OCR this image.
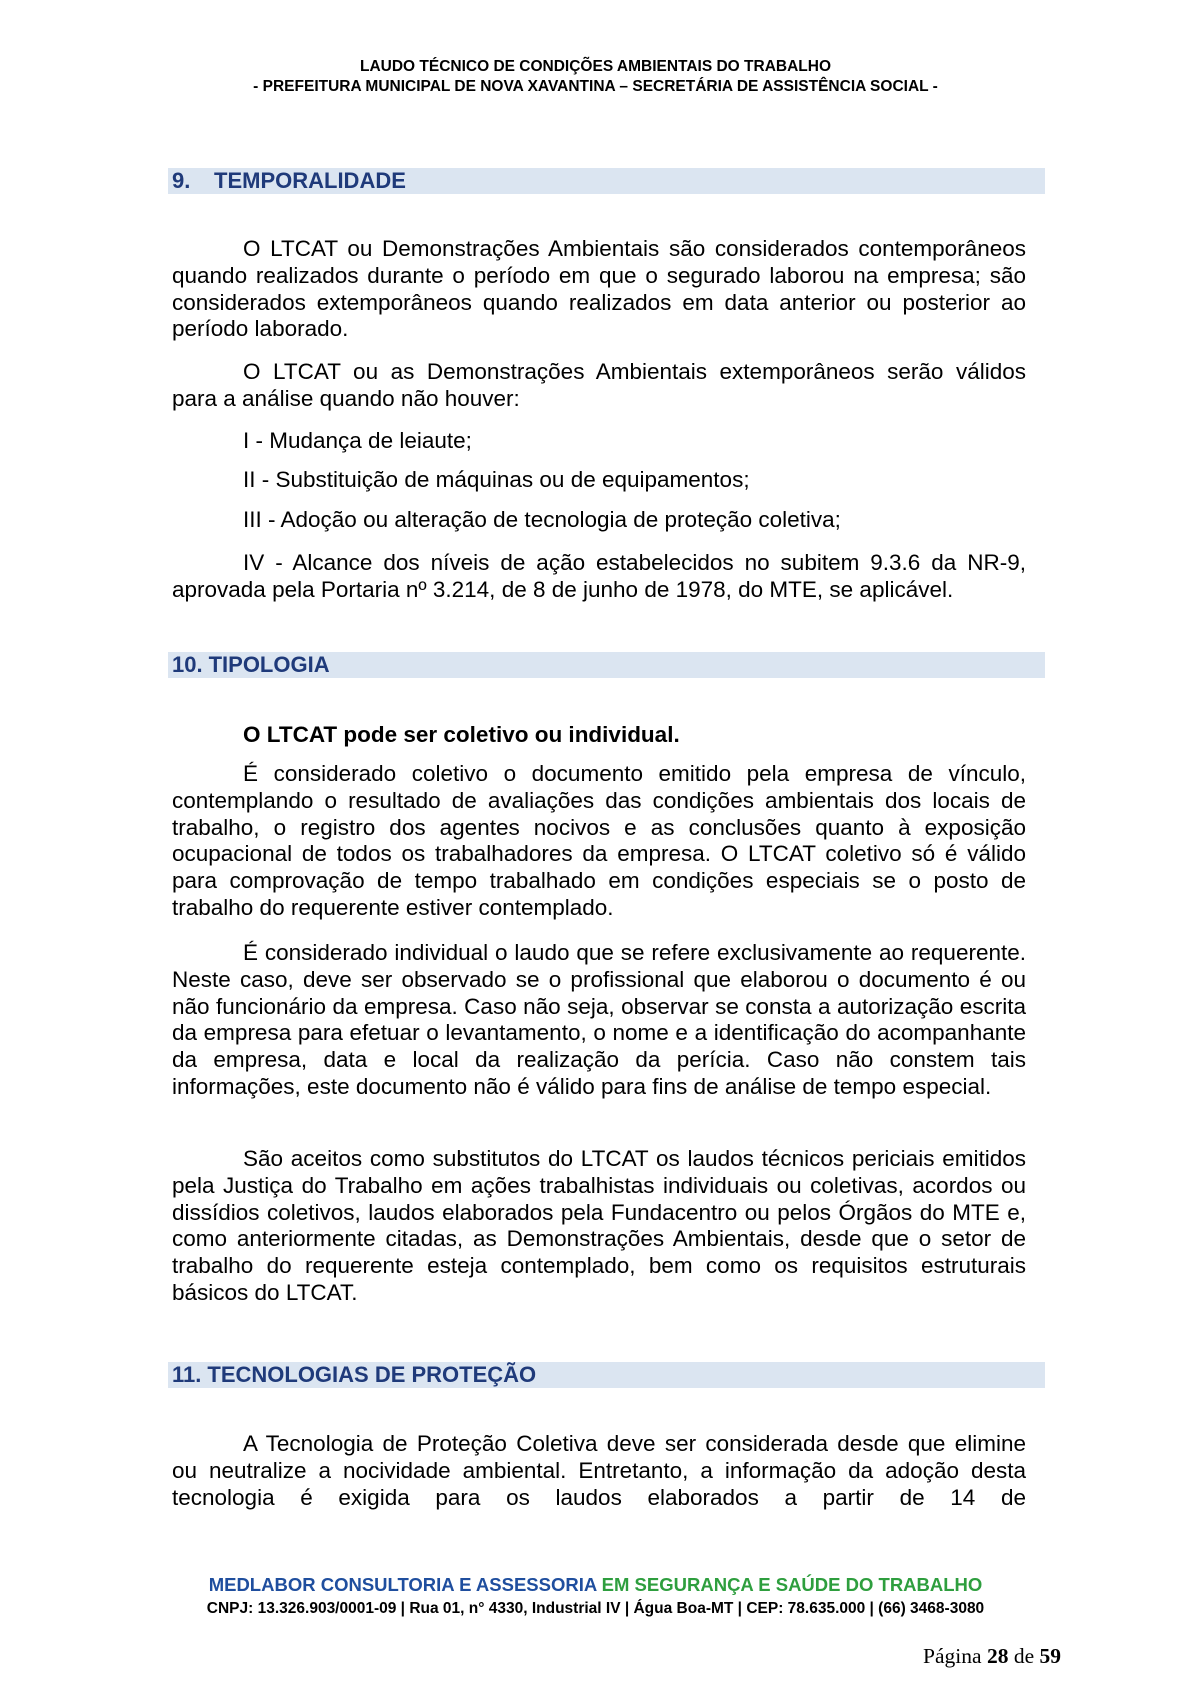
LAUDO TÉCNICO DE CONDIÇÕES AMBIENTAIS DO TRABALHO
- PREFEITURA MUNICIPAL DE NOVA XAVANTINA – SECRETÁRIA DE ASSISTÊNCIA SOCIAL -
9. TEMPORALIDADE

O LTCAT ou Demonstrações Ambientais são considerados contemporâneos quando realizados durante o período em que o segurado laborou na empresa; são considerados extemporâneos quando realizados em data anterior ou posterior ao período laborado.

O LTCAT ou as Demonstrações Ambientais extemporâneos serão válidos para a análise quando não houver:

I - Mudança de leiaute;

II - Substituição de máquinas ou de equipamentos;

III - Adoção ou alteração de tecnologia de proteção coletiva;

IV - Alcance dos níveis de ação estabelecidos no subitem 9.3.6 da NR-9, aprovada pela Portaria nº 3.214, de 8 de junho de 1978, do MTE, se aplicável.

10. TIPOLOGIA

O LTCAT pode ser coletivo ou individual.

É considerado coletivo o documento emitido pela empresa de vínculo, contemplando o resultado de avaliações das condições ambientais dos locais de trabalho, o registro dos agentes nocivos e as conclusões quanto à exposição ocupacional de todos os trabalhadores da empresa. O LTCAT coletivo só é válido para comprovação de tempo trabalhado em condições especiais se o posto de trabalho do requerente estiver contemplado.

É considerado individual o laudo que se refere exclusivamente ao requerente. Neste caso, deve ser observado se o profissional que elaborou o documento é ou não funcionário da empresa. Caso não seja, observar se consta a autorização escrita da empresa para efetuar o levantamento, o nome e a identificação do acompanhante da empresa, data e local da realização da perícia. Caso não constem tais informações, este documento não é válido para fins de análise de tempo especial.

São aceitos como substitutos do LTCAT os laudos técnicos periciais emitidos pela Justiça do Trabalho em ações trabalhistas individuais ou coletivas, acordos ou dissídios coletivos, laudos elaborados pela Fundacentro ou pelos Órgãos do MTE e, como anteriormente citadas, as Demonstrações Ambientais, desde que o setor de trabalho do requerente esteja contemplado, bem como os requisitos estruturais básicos do LTCAT.

11. TECNOLOGIAS DE PROTEÇÃO

A Tecnologia de Proteção Coletiva deve ser considerada desde que elimine ou neutralize a nocividade ambiental. Entretanto, a informação da adoção desta tecnologia é exigida para os laudos elaborados a partir de 14 de

MEDLABOR CONSULTORIA E ASSESSORIA EM SEGURANÇA E SAÚDE DO TRABALHO
CNPJ: 13.326.903/0001-09 | Rua 01, n° 4330, Industrial IV | Água Boa-MT | CEP: 78.635.000 | (66) 3468-3080
Página 28 de 59
